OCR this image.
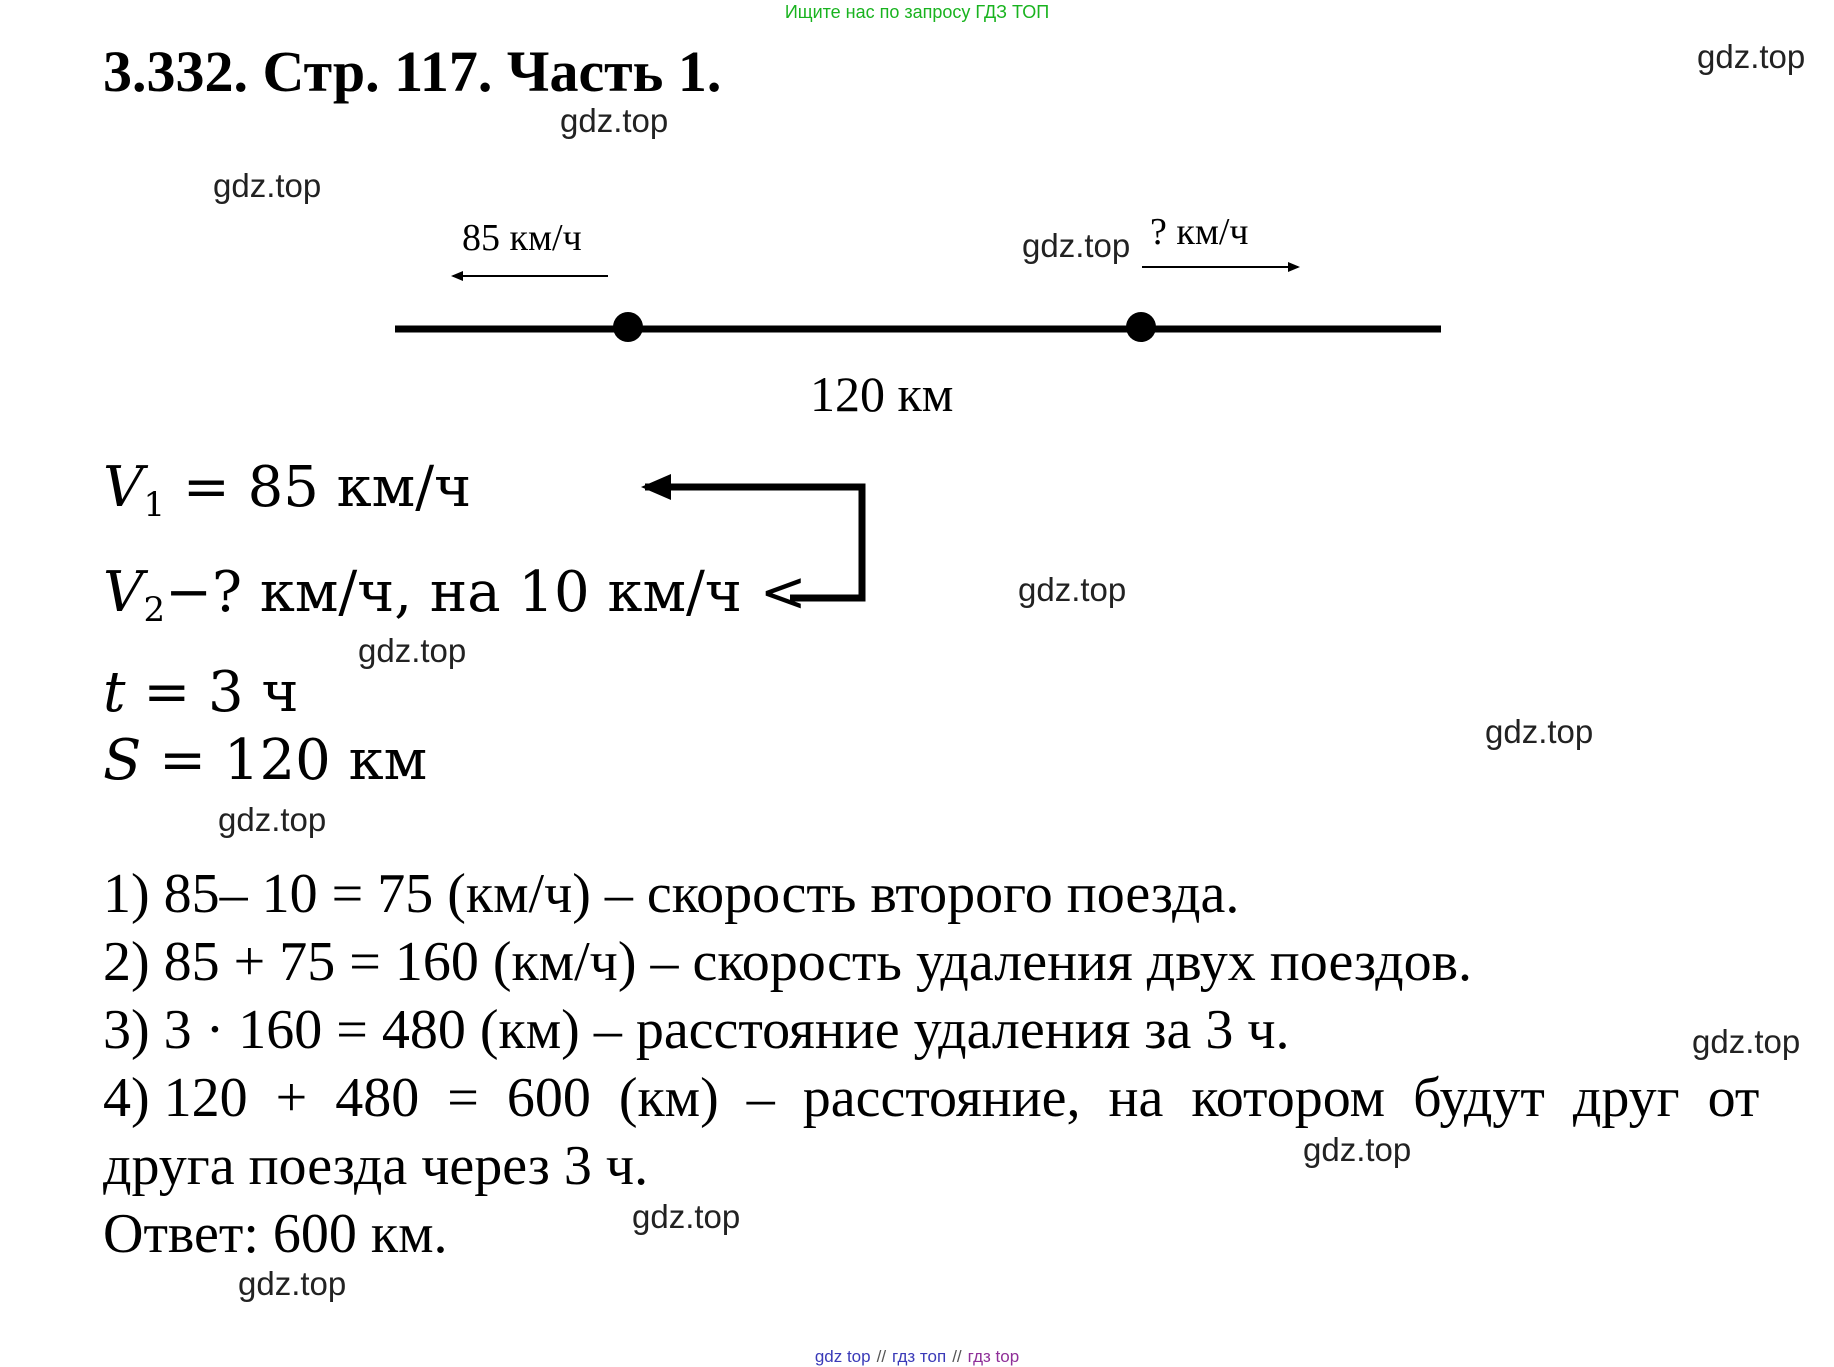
Ищите нас по запросу ГДЗ ТОП
3.332. Стр. 117. Часть 1.
85 км/ч	? км/ч
120 км
$V_1 = 85$ км/ч
$V_2-$? км/ч, на 10 км/ч <
t = 3 ч
S = 120 км
1) 85– 10 = 75 (км/ч) – скорость второго поезда.
2) 85 + 75 = 160 (км/ч) – скорость удаления двух поездов.
3) 3 · 160 = 480 (км) – расстояние удаления за 3 ч.
4) 120  +  480  =  600  (км)  –  расстояние,  на  котором  будут  друг  от
друга поезда через 3 ч.
Ответ: 600 км.
gdz.top
gdz.top
gdz.top
gdz.top
gdz.top
gdz.top
gdz.top
gdz.top
gdz.top
gdz.top
gdz.top
gdz.top
gdz top // гдз топ // гдз top
